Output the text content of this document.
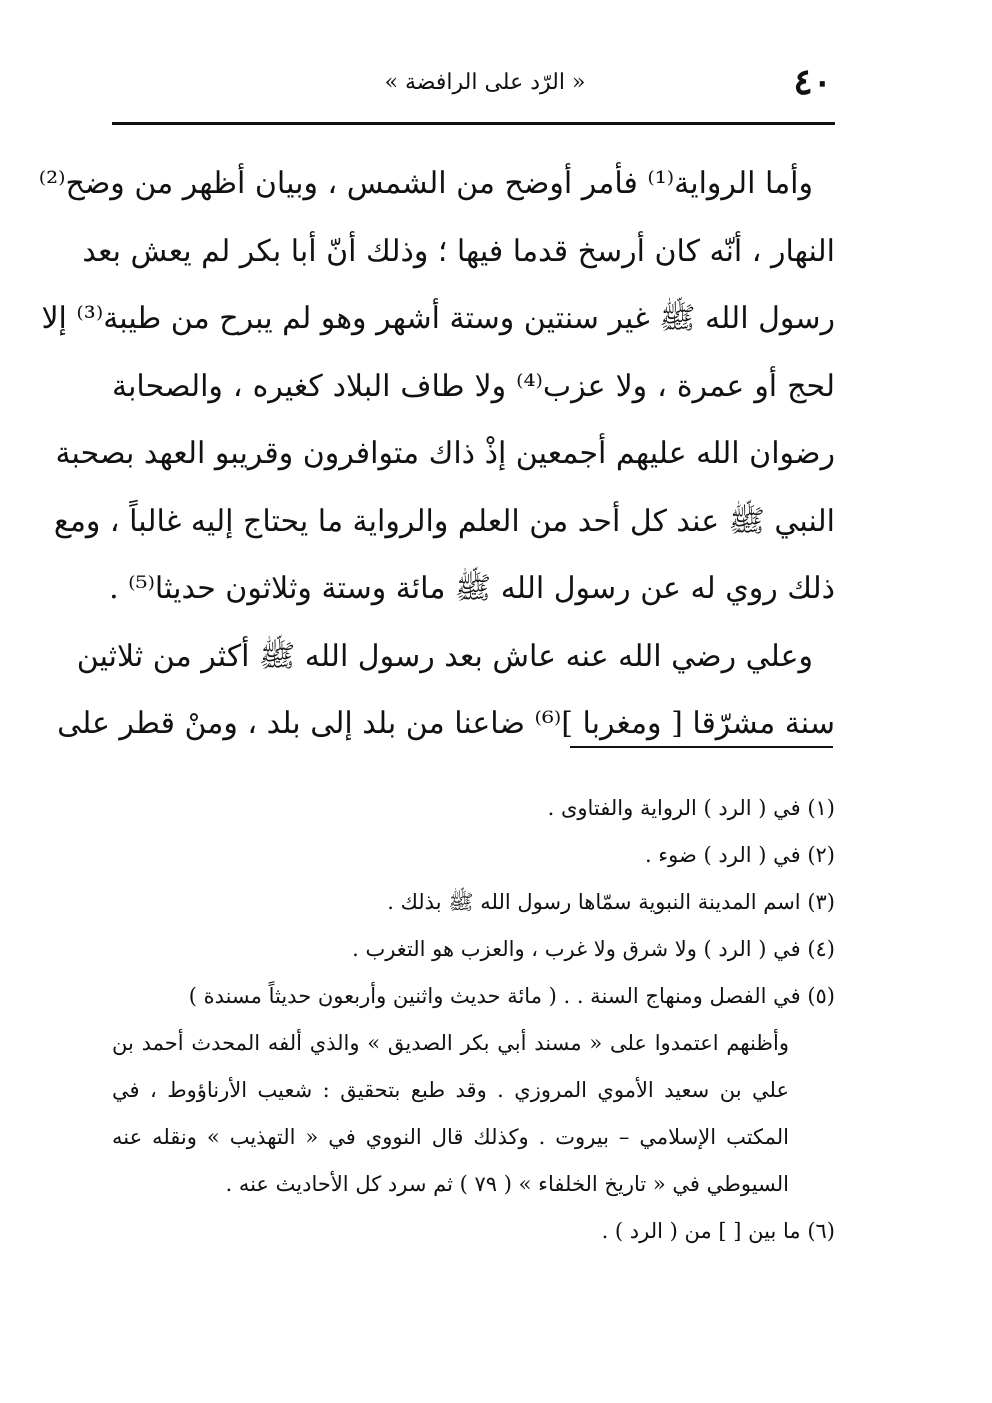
٤٠
« الرّد على الرافضة »
وأما الرواية⁽¹⁾ فأمر أوضح من الشمس ، وبيان أظهر من وضح⁽²⁾
النهار ، أنّه كان أرسخ قدما فيها ؛ وذلك أنّ أبا بكر لم يعش بعد
رسول الله ﷺ غير سنتين وستة أشهر وهو لم يبرح من طيبة⁽³⁾ إلا
لحج أو عمرة ، ولا عزب⁽⁴⁾ ولا طاف البلاد كغيره ، والصحابة
رضوان الله عليهم أجمعين إذْ ذاك متوافرون وقريبو العهد بصحبة
النبي ﷺ عند كل أحد من العلم والرواية ما يحتاج إليه غالباً ، ومع
ذلك روي له عن رسول الله ﷺ مائة وستة وثلاثون حديثا⁽⁵⁾ .
وعلي رضي الله عنه عاش بعد رسول الله ﷺ أكثر من ثلاثين
سنة مشرّقا [ ومغربا ]⁽⁶⁾ ضاعنا من بلد إلى بلد ، ومنْ قطر على
(١) في ( الرد ) الرواية والفتاوى .
(٢) في ( الرد ) ضوء .
(٣) اسم المدينة النبوية سمّاها رسول الله ﷺ بذلك .
(٤) في ( الرد ) ولا شرق ولا غرب ، والعزب هو التغرب .
(٥) في الفصل ومنهاج السنة . . ( مائة حديث واثنين وأربعون حديثاً مسندة )
وأظنهم اعتمدوا على « مسند أبي بكر الصديق » والذي ألفه المحدث أحمد بن
علي بن سعيد الأموي المروزي . وقد طبع بتحقيق : شعيب الأرناؤوط ، في
المكتب الإسلامي – بيروت . وكذلك قال النووي في « التهذيب » ونقله عنه
السيوطي في « تاريخ الخلفاء » ( ٧٩ ) ثم سرد كل الأحاديث عنه .
(٦) ما بين [ ] من ( الرد ) .
